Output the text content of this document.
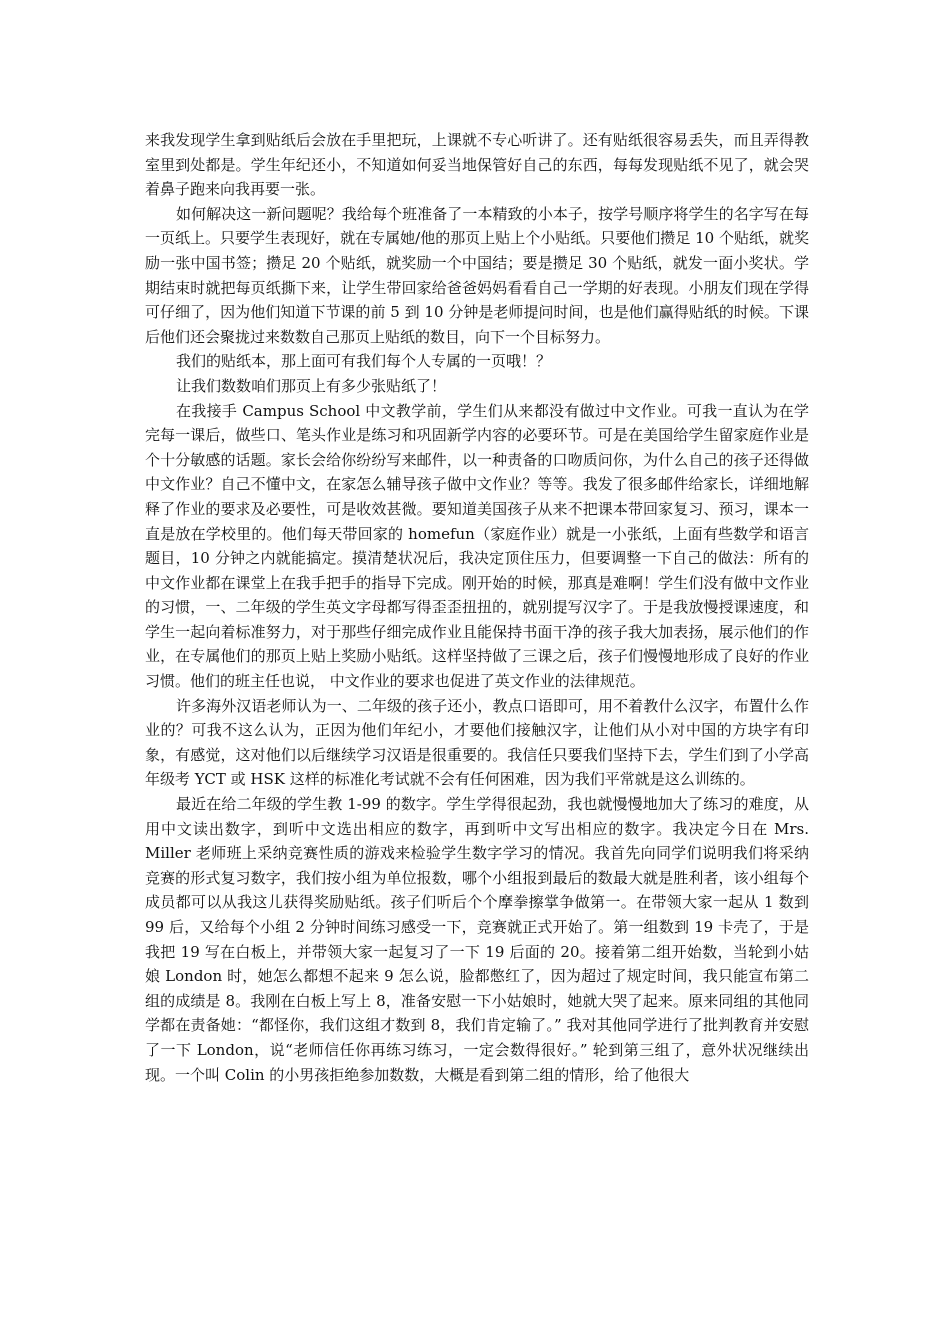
来我发现学生拿到贴纸后会放在手里把玩，上课就不专心听讲了。还有贴纸很容易丢失，而且弄得教室里到处都是。学生年纪还小，不知道如何妥当地保管好自己的东西，每每发现贴纸不见了，就会哭着鼻子跑来向我再要一张。

如何解决这一新问题呢？我给每个班准备了一本精致的小本子，按学号顺序将学生的名字写在每一页纸上。只要学生表现好，就在专属她/他的那页上贴上个小贴纸。只要他们攒足 10 个贴纸，就奖励一张中国书签；攒足 20 个贴纸，就奖励一个中国结；要是攒足 30 个贴纸，就发一面小奖状。学期结束时就把每页纸撕下来，让学生带回家给爸爸妈妈看看自己一学期的好表现。小朋友们现在学得可仔细了，因为他们知道下节课的前 5 到 10 分钟是老师提问时间，也是他们赢得贴纸的时候。下课后他们还会聚拢过来数数自己那页上贴纸的数目，向下一个目标努力。

我们的贴纸本，那上面可有我们每个人专属的一页哦！？

让我们数数咱们那页上有多少张贴纸了！

在我接手 Campus School 中文教学前，学生们从来都没有做过中文作业。可我一直认为在学完每一课后，做些口、笔头作业是练习和巩固新学内容的必要环节。可是在美国给学生留家庭作业是个十分敏感的话题。家长会给你纷纷写来邮件，以一种责备的口吻质问你，为什么自己的孩子还得做中文作业？自己不懂中文，在家怎么辅导孩子做中文作业？等等。我发了很多邮件给家长，详细地解释了作业的要求及必要性，可是收效甚微。要知道美国孩子从来不把课本带回家复习、预习，课本一直是放在学校里的。他们每天带回家的 homefun（家庭作业）就是一小张纸，上面有些数学和语言题目，10 分钟之内就能搞定。摸清楚状况后，我决定顶住压力，但要调整一下自己的做法：所有的中文作业都在课堂上在我手把手的指导下完成。刚开始的时候，那真是难啊！学生们没有做中文作业的习惯，一、二年级的学生英文字母都写得歪歪扭扭的，就别提写汉字了。于是我放慢授课速度，和学生一起向着标准努力，对于那些仔细完成作业且能保持书面干净的孩子我大加表扬，展示他们的作业，在专属他们的那页上贴上奖励小贴纸。这样坚持做了三课之后，孩子们慢慢地形成了良好的作业习惯。他们的班主任也说， 中文作业的要求也促进了英文作业的法律规范。

许多海外汉语老师认为一、二年级的孩子还小，教点口语即可，用不着教什么汉字，布置什么作业的？可我不这么认为，正因为他们年纪小，才要他们接触汉字，让他们从小对中国的方块字有印象，有感觉，这对他们以后继续学习汉语是很重要的。我信任只要我们坚持下去，学生们到了小学高年级考 YCT 或 HSK 这样的标准化考试就不会有任何困难，因为我们平常就是这么训练的。

最近在给二年级的学生教 1-99 的数字。学生学得很起劲，我也就慢慢地加大了练习的难度，从用中文读出数字，到听中文选出相应的数字，再到听中文写出相应的数字。我决定今日在 Mrs. Miller 老师班上采纳竞赛性质的游戏来检验学生数字学习的情况。我首先向同学们说明我们将采纳竞赛的形式复习数字，我们按小组为单位报数，哪个小组报到最后的数最大就是胜利者，该小组每个成员都可以从我这儿获得奖励贴纸。孩子们听后个个摩拳擦掌争做第一。在带领大家一起从 1 数到 99 后，又给每个小组 2 分钟时间练习感受一下，竞赛就正式开始了。第一组数到 19 卡壳了，于是我把 19 写在白板上，并带领大家一起复习了一下 19 后面的 20。接着第二组开始数，当轮到小姑娘 London 时，她怎么都想不起来 9 怎么说，脸都憋红了，因为超过了规定时间，我只能宣布第二组的成绩是 8。我刚在白板上写上 8，准备安慰一下小姑娘时，她就大哭了起来。原来同组的其他同学都在责备她：“都怪你，我们这组才数到 8，我们肯定输了。” 我对其他同学进行了批判教育并安慰了一下 London，说“老师信任你再练习练习，一定会数得很好。” 轮到第三组了，意外状况继续出现。一个叫 Colin 的小男孩拒绝参加数数，大概是看到第二组的情形，给了他很大
